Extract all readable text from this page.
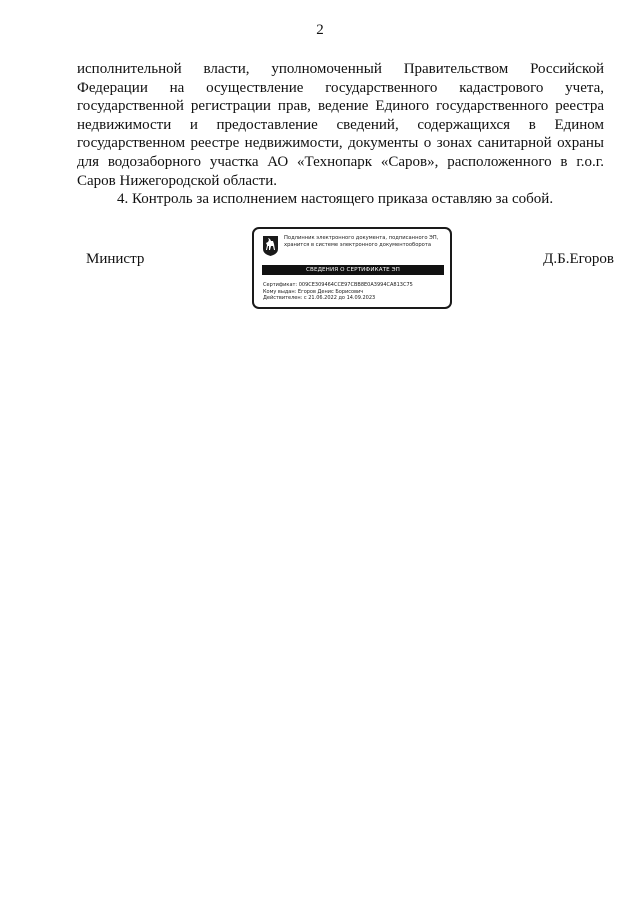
2

исполнительной власти, уполномоченный Правительством Российской Федерации на осуществление государственного кадастрового учета, государственной регистрации прав, ведение Единого государственного реестра недвижимости и предоставление сведений, содержащихся в Едином государственном реестре недвижимости, документы о зонах санитарной охраны для водозаборного участка АО «Технопарк «Саров», расположенного в г.о.г. Саров Нижегородской области.

4. Контроль за исполнением настоящего приказа оставляю за собой.

Министр
Подлинник электронного документа, подписанного ЭП,
хранится в системе электронного документооборота
СВЕДЕНИЯ О СЕРТИФИКАТЕ ЭП
Сертификат: 009CE309464CCE97CBB8E0A3994CA813C75
Кому выдан: Егоров Денис Борисович
Действителен: с 21.06.2022 до 14.09.2023
Д.Б.Егоров
